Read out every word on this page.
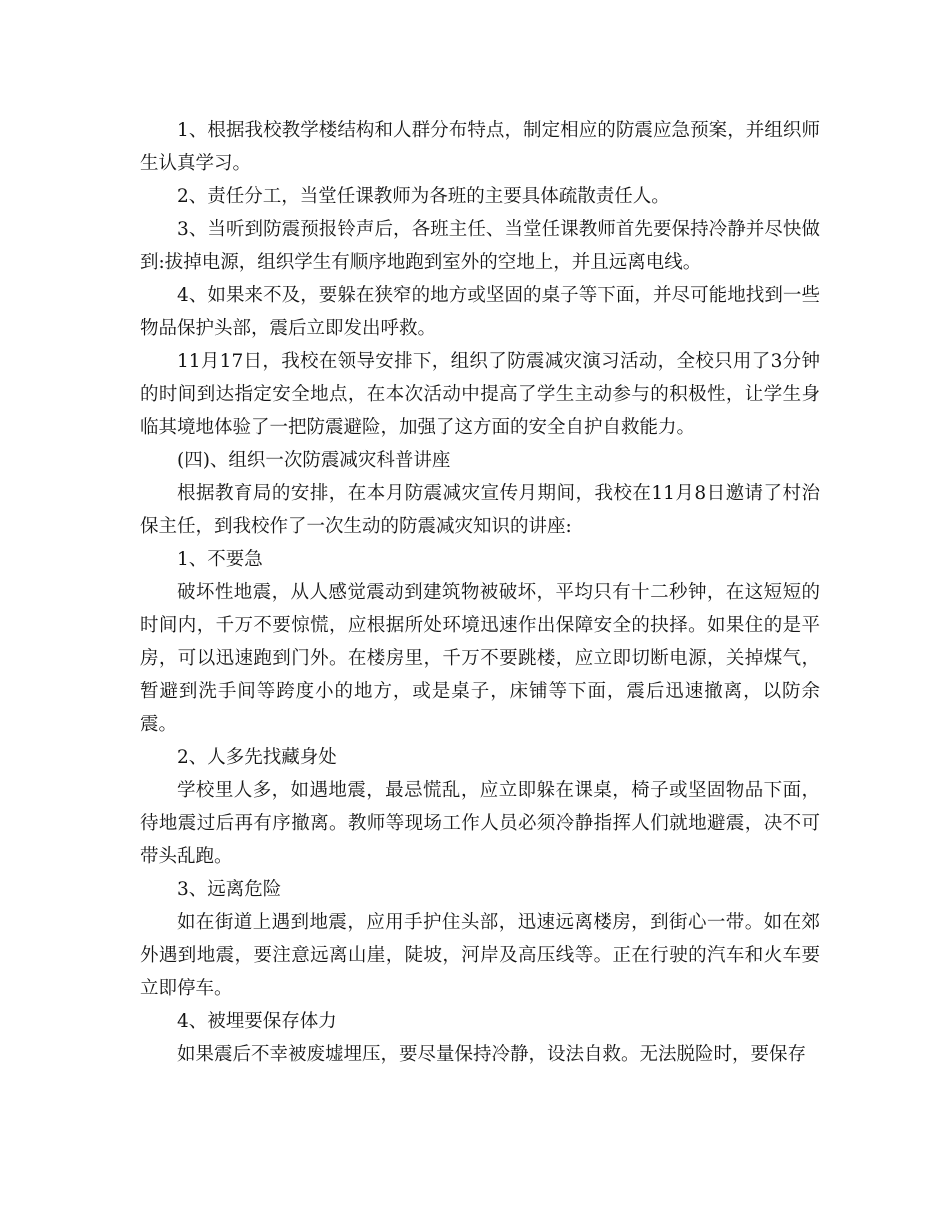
1、根据我校教学楼结构和人群分布特点，制定相应的防震应急预案，并组织师生认真学习。

2、责任分工，当堂任课教师为各班的主要具体疏散责任人。

3、当听到防震预报铃声后，各班主任、当堂任课教师首先要保持冷静并尽快做到:拔掉电源，组织学生有顺序地跑到室外的空地上，并且远离电线。

4、如果来不及，要躲在狭窄的地方或坚固的桌子等下面，并尽可能地找到一些物品保护头部，震后立即发出呼救。

11月17日，我校在领导安排下，组织了防震减灾演习活动，全校只用了3分钟的时间到达指定安全地点，在本次活动中提高了学生主动参与的积极性，让学生身临其境地体验了一把防震避险，加强了这方面的安全自护自救能力。

(四)、组织一次防震减灾科普讲座

根据教育局的安排，在本月防震减灾宣传月期间，我校在11月8日邀请了村治保主任，到我校作了一次生动的防震减灾知识的讲座:

1、不要急

破坏性地震，从人感觉震动到建筑物被破坏，平均只有十二秒钟，在这短短的时间内，千万不要惊慌，应根据所处环境迅速作出保障安全的抉择。如果住的是平房，可以迅速跑到门外。在楼房里，千万不要跳楼，应立即切断电源，关掉煤气，暂避到洗手间等跨度小的地方，或是桌子，床铺等下面，震后迅速撤离，以防余震。

2、人多先找藏身处

学校里人多，如遇地震，最忌慌乱，应立即躲在课桌，椅子或坚固物品下面，待地震过后再有序撤离。教师等现场工作人员必须冷静指挥人们就地避震，决不可带头乱跑。

3、远离危险

如在街道上遇到地震，应用手护住头部，迅速远离楼房，到街心一带。如在郊外遇到地震，要注意远离山崖，陡坡，河岸及高压线等。正在行驶的汽车和火车要立即停车。

4、被埋要保存体力

如果震后不幸被废墟埋压，要尽量保持冷静，设法自救。无法脱险时，要保存
